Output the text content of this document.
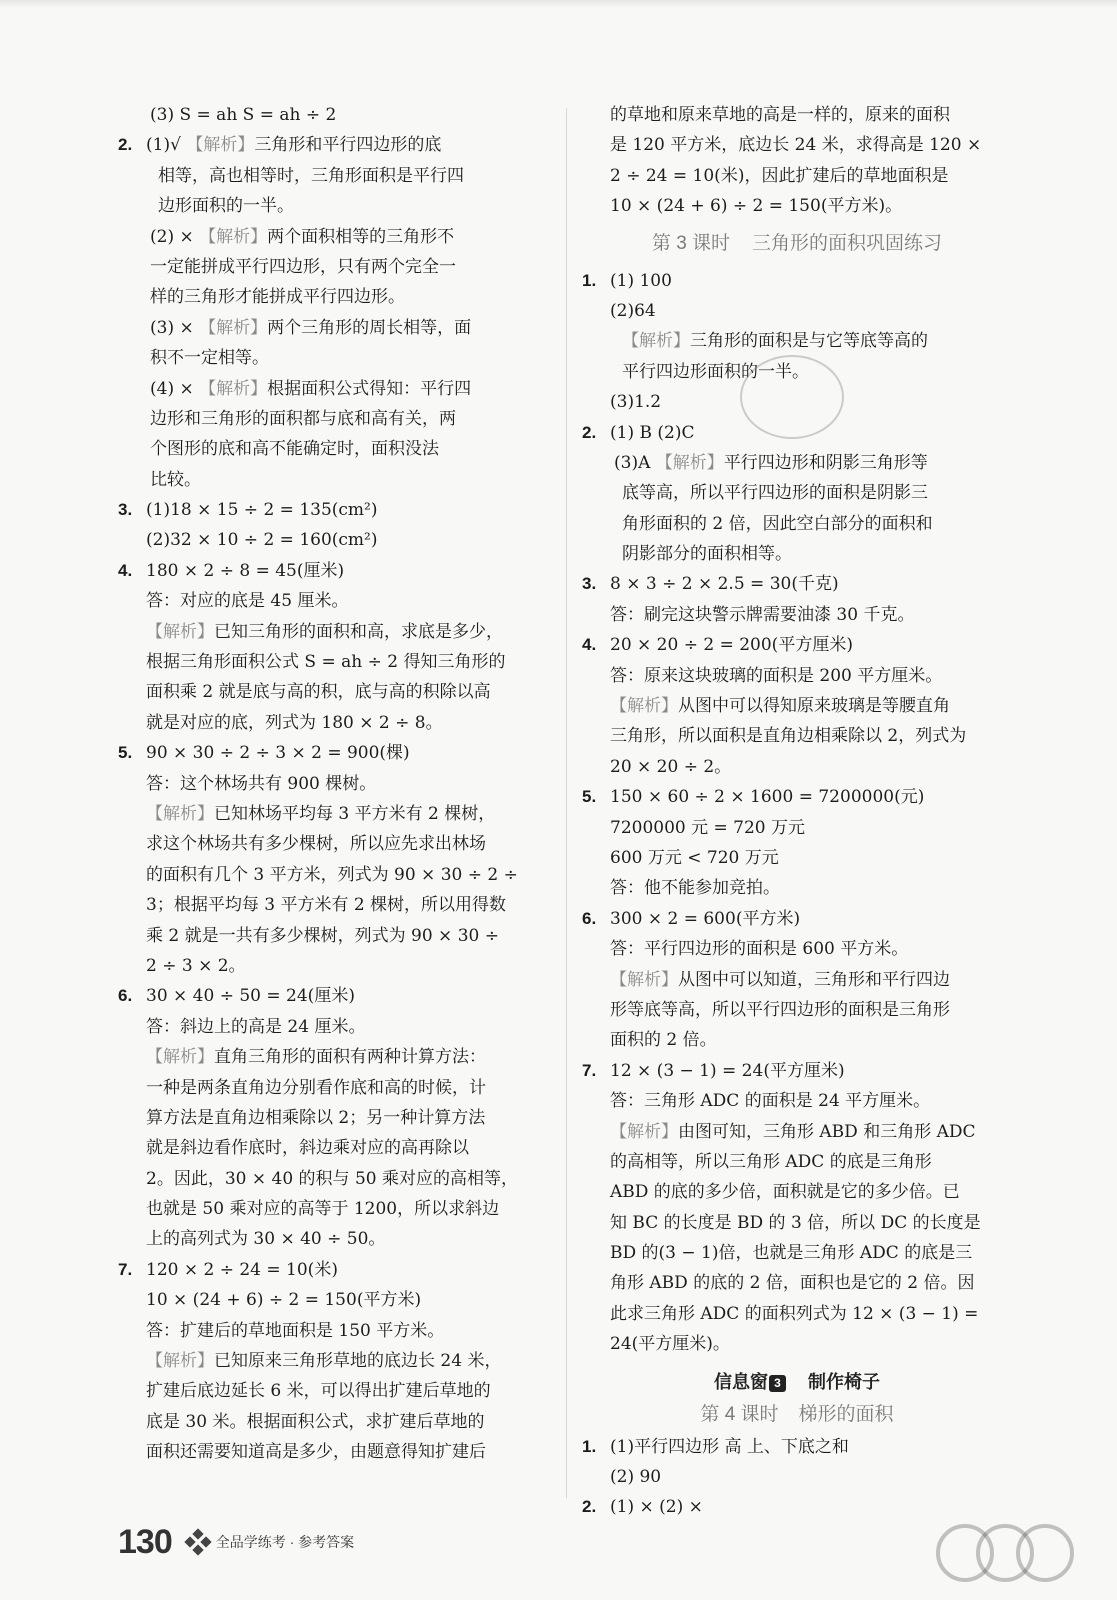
(3) S = ah S = ah ÷ 2
2. (1)√ 【解析】三角形和平行四边形的底
相等，高也相等时，三角形面积是平行四
边形面积的一半。
(2) × 【解析】两个面积相等的三角形不
一定能拼成平行四边形，只有两个完全一
样的三角形才能拼成平行四边形。
(3) × 【解析】两个三角形的周长相等，面
积不一定相等。
(4) × 【解析】根据面积公式得知：平行四
边形和三角形的面积都与底和高有关，两
个图形的底和高不能确定时，面积没法
比较。
3. (1)18 × 15 ÷ 2 = 135(cm²)
(2)32 × 10 ÷ 2 = 160(cm²)
4. 180 × 2 ÷ 8 = 45(厘米)
答：对应的底是 45 厘米。
【解析】已知三角形的面积和高，求底是多少，
根据三角形面积公式 S = ah ÷ 2 得知三角形的
面积乘 2 就是底与高的积，底与高的积除以高
就是对应的底，列式为 180 × 2 ÷ 8。
5. 90 × 30 ÷ 2 ÷ 3 × 2 = 900(棵)
答：这个林场共有 900 棵树。
【解析】已知林场平均每 3 平方米有 2 棵树，
求这个林场共有多少棵树，所以应先求出林场
的面积有几个 3 平方米，列式为 90 × 30 ÷ 2 ÷
3；根据平均每 3 平方米有 2 棵树，所以用得数
乘 2 就是一共有多少棵树，列式为 90 × 30 ÷
2 ÷ 3 × 2。
6. 30 × 40 ÷ 50 = 24(厘米)
答：斜边上的高是 24 厘米。
【解析】直角三角形的面积有两种计算方法：
一种是两条直角边分别看作底和高的时候，计
算方法是直角边相乘除以 2；另一种计算方法
就是斜边看作底时，斜边乘对应的高再除以
2。因此，30 × 40 的积与 50 乘对应的高相等，
也就是 50 乘对应的高等于 1200，所以求斜边
上的高列式为 30 × 40 ÷ 50。
7. 120 × 2 ÷ 24 = 10(米)
10 × (24 + 6) ÷ 2 = 150(平方米)
答：扩建后的草地面积是 150 平方米。
【解析】已知原来三角形草地的底边长 24 米，
扩建后底边延长 6 米，可以得出扩建后草地的
底是 30 米。根据面积公式，求扩建后草地的
面积还需要知道高是多少，由题意得知扩建后
的草地和原来草地的高是一样的，原来的面积
是 120 平方米，底边长 24 米，求得高是 120 ×
2 ÷ 24 = 10(米)，因此扩建后的草地面积是
10 × (24 + 6) ÷ 2 = 150(平方米)。
第 3 课时 三角形的面积巩固练习
1. (1) 100
(2)64
【解析】三角形的面积是与它等底等高的
平行四边形面积的一半。
(3)1.2
2. (1) B (2)C
(3)A 【解析】平行四边形和阴影三角形等
底等高，所以平行四边形的面积是阴影三
角形面积的 2 倍，因此空白部分的面积和
阴影部分的面积相等。
3. 8 × 3 ÷ 2 × 2.5 = 30(千克)
答：刷完这块警示牌需要油漆 30 千克。
4. 20 × 20 ÷ 2 = 200(平方厘米)
答：原来这块玻璃的面积是 200 平方厘米。
【解析】从图中可以得知原来玻璃是等腰直角
三角形，所以面积是直角边相乘除以 2，列式为
20 × 20 ÷ 2。
5. 150 × 60 ÷ 2 × 1600 = 7200000(元)
7200000 元 = 720 万元
600 万元 < 720 万元
答：他不能参加竞拍。
6. 300 × 2 = 600(平方米)
答：平行四边形的面积是 600 平方米。
【解析】从图中可以知道，三角形和平行四边
形等底等高，所以平行四边形的面积是三角形
面积的 2 倍。
7. 12 × (3 − 1) = 24(平方厘米)
答：三角形 ADC 的面积是 24 平方厘米。
【解析】由图可知，三角形 ABD 和三角形 ADC
的高相等，所以三角形 ADC 的底是三角形
ABD 的底的多少倍，面积就是它的多少倍。已
知 BC 的长度是 BD 的 3 倍，所以 DC 的长度是
BD 的(3 − 1)倍，也就是三角形 ADC 的底是三
角形 ABD 的底的 2 倍，面积也是它的 2 倍。因
此求三角形 ADC 的面积列式为 12 × (3 − 1) =
24(平方厘米)。
信息窗 3 制作椅子
第 4 课时 梯形的面积
1. (1)平行四边形 高 上、下底之和
(2) 90
2. (1) × (2) ×
130	全品学练考 · 参考答案
